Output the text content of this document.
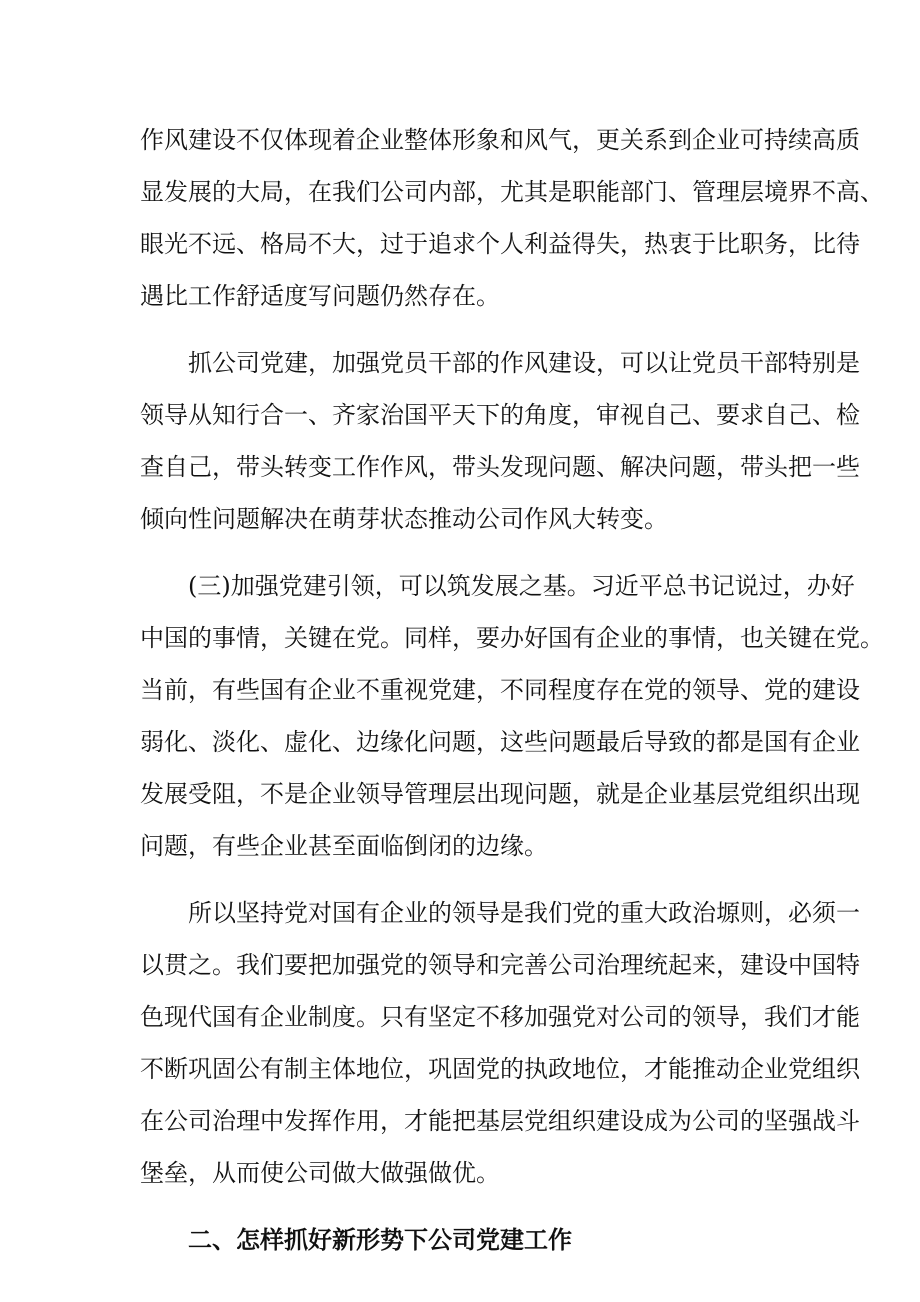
作风建设不仅体现着企业整体形象和风气，更关系到企业可持续高质
显发展的大局，在我们公司内部，尤其是职能部门、管理层境界不高、
眼光不远、格局不大，过于追求个人利益得失，热衷于比职务，比待
遇比工作舒适度写问题仍然存在。
抓公司党建，加强党员干部的作风建设，可以让党员干部特别是
领导从知行合一、齐家治国平天下的角度，审视自己、要求自己、检
查自己，带头转变工作作风，带头发现问题、解决问题，带头把一些
倾向性问题解决在萌芽状态推动公司作风大转变。
(三)加强党建引领，可以筑发展之基。习近平总书记说过，办好
中国的事情，关键在党。同样，要办好国有企业的事情，也关键在党。
当前，有些国有企业不重视党建，不同程度存在党的领导、党的建设
弱化、淡化、虚化、边缘化问题，这些问题最后导致的都是国有企业
发展受阻，不是企业领导管理层出现问题，就是企业基层党组织出现
问题，有些企业甚至面临倒闭的边缘。
所以坚持党对国有企业的领导是我们党的重大政治塬则，必须一
以贯之。我们要把加强党的领导和完善公司治理统起来，建设中国特
色现代国有企业制度。只有坚定不移加强党对公司的领导，我们才能
不断巩固公有制主体地位，巩固党的执政地位，才能推动企业党组织
在公司治理中发挥作用，才能把基层党组织建设成为公司的坚强战斗
堡垒，从而使公司做大做强做优。
二、怎样抓好新形势下公司党建工作
